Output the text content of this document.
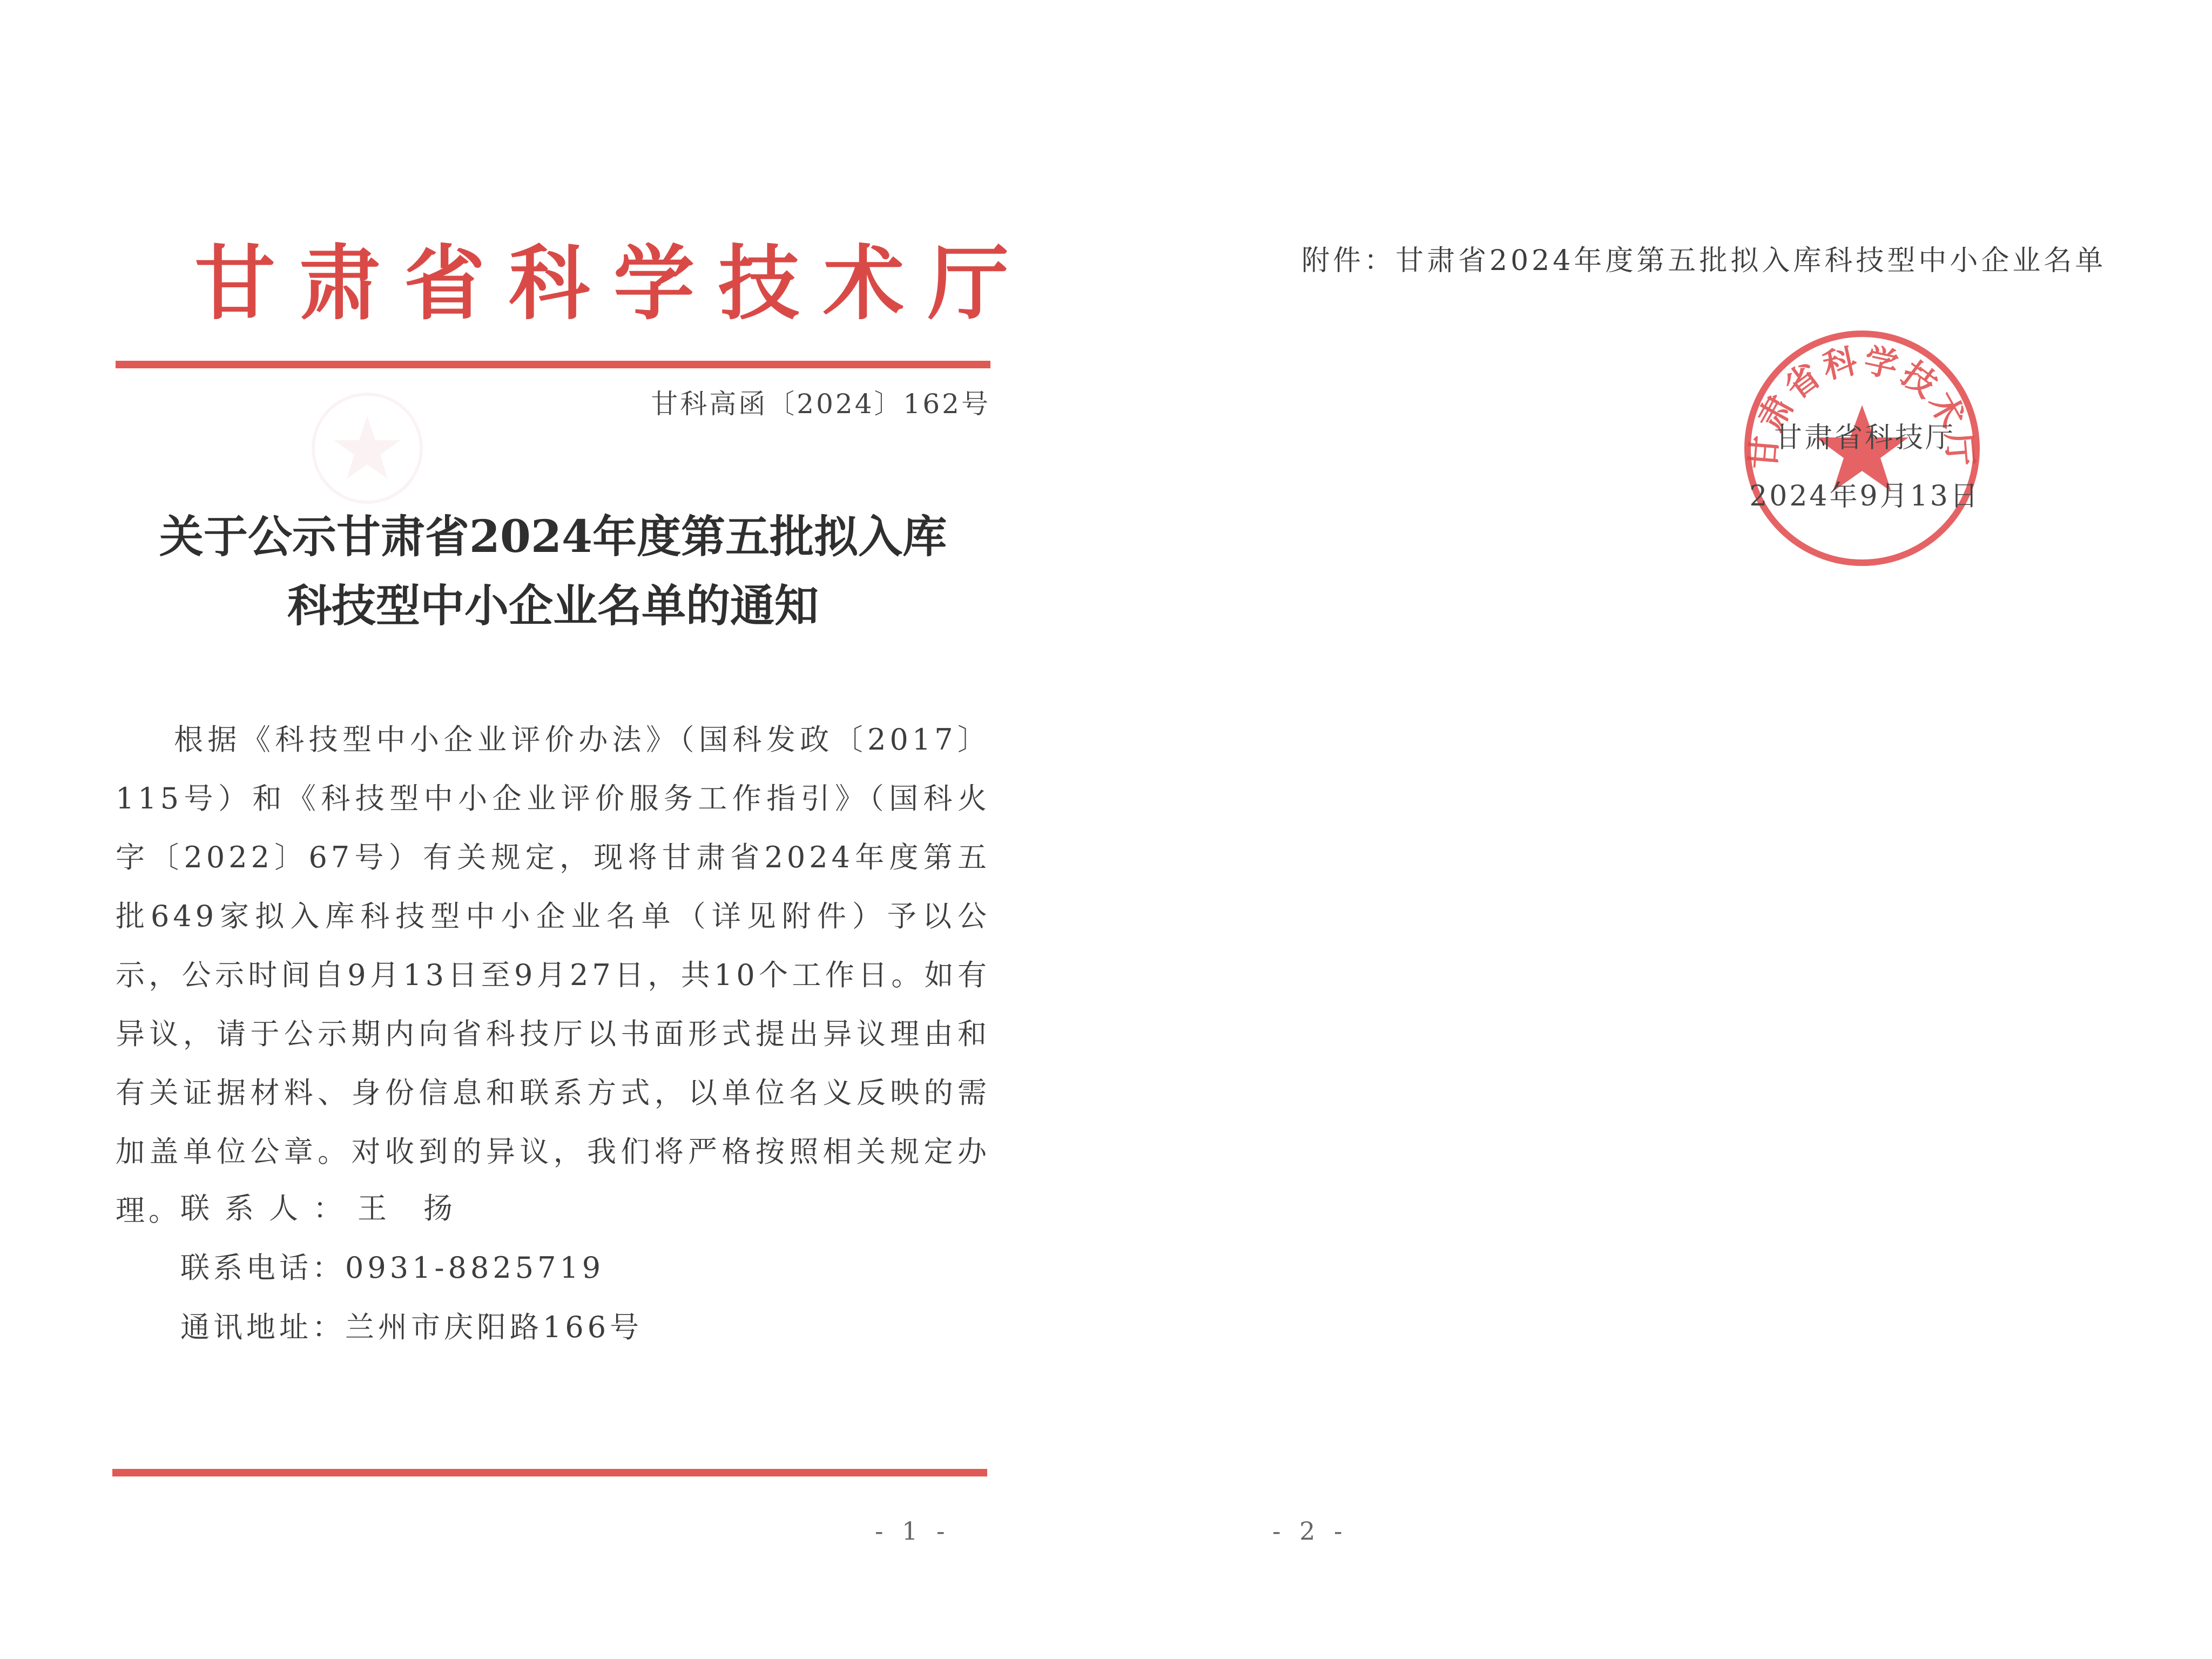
甘肃省科学技术厅
甘科高函〔2024〕162号
关于公示甘肃省2024年度第五批拟入库
科技型中小企业名单的通知
根据《科技型中小企业评价办法》（国科发政〔2017〕115号）和《科技型中小企业评价服务工作指引》（国科火字〔2022〕67号）有关规定，现将甘肃省2024年度第五批649家拟入库科技型中小企业名单（详见附件）予以公示，公示时间自9月13日至9月27日，共10个工作日。如有异议，请于公示期内向省科技厅以书面形式提出异议理由和有关证据材料、身份信息和联系方式，以单位名义反映的需加盖单位公章。对收到的异议，我们将严格按照相关规定办理。
联系人：王　扬
联系电话：0931-8825719
通讯地址：兰州市庆阳路166号
- 1 -
附件：甘肃省2024年度第五批拟入库科技型中小企业名单
甘肃省科学技术厅
甘肃省科技厅
2024年9月13日
- 2 -
